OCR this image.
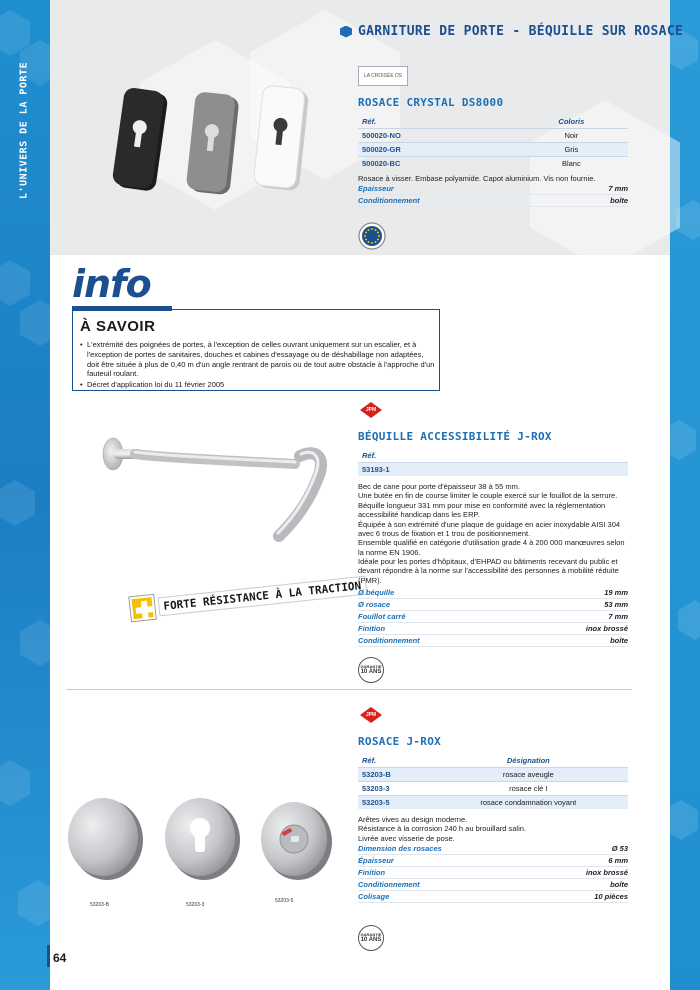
L'UNIVERS DE LA PORTE
GARNITURE DE PORTE - BÉQUILLE SUR ROSACE
LA CROISÉE DS
ROSACE CRYSTAL DS8000
Réf.	Coloris
500020-NO	Noir
500020-GR	Gris
500020-BC	Blanc
Rosace à visser. Embase polyamide. Capot aluminium. Vis non fournie.
Epaisseur	7 mm
Conditionnement	boîte
info
À SAVOIR
• L'extrémité des poignées de portes, à l'exception de celles ouvrant uniquement sur un escalier, et à l'exception de portes de sanitaires, douches et cabines d'essayage ou de déshabillage non adaptées, doit être située à plus de 0,40 m d'un angle rentrant de parois ou de tout autre obstacle à l'approche d'un fauteuil roulant.
• Décret d'application loi du 11 février 2005
FORTE RÉSISTANCE À LA TRACTION
JPM
BÉQUILLE ACCESSIBILITÉ J-ROX
Réf.
53193-1
Bec de cane pour porte d'épaisseur 38 à 55 mm.
Une butée en fin de course limiter le couple exercé sur le fouillot de la serrure.
Béquille longueur 331 mm pour mise en conformité avec la réglementation accessibilité handicap dans les ERP.
Équipée à son extrémité d'une plaque de guidage en acier inoxydable AISI 304 avec 6 trous de fixation et 1 trou de positionnement.
Ensemble qualifié en catégorie d'utilisation grade 4 à 200 000 manœuvres selon la norme EN 1906.
Idéale pour les portes d'hôpitaux, d'EHPAD ou bâtiments recevant du public et devant répondre à la norme sur l'accessibilité des personnes à mobilité réduite (PMR).
Ø béquille	19 mm
Ø rosace	53 mm
Fouillot carré	7 mm
Finition	inox brossé
Conditionnement	boîte
GARANTIE
10 ANS
53203-B	53203-3
53203-5
JPM
ROSACE J-ROX
Réf.	Désignation
53203-B	rosace aveugle
53203-3	rosace clé I
53203-5	rosace condamnation voyant
Arêtes vives au design moderne.
Résistance à la corrosion 240 h au brouillard salin.
Livrée avec visserie de pose.
Dimension des rosaces	Ø 53
Épaisseur	6 mm
Finition	inox brossé
Conditionnement	boîte
Colisage	10 pièces
GARANTIE
10 ANS
64
